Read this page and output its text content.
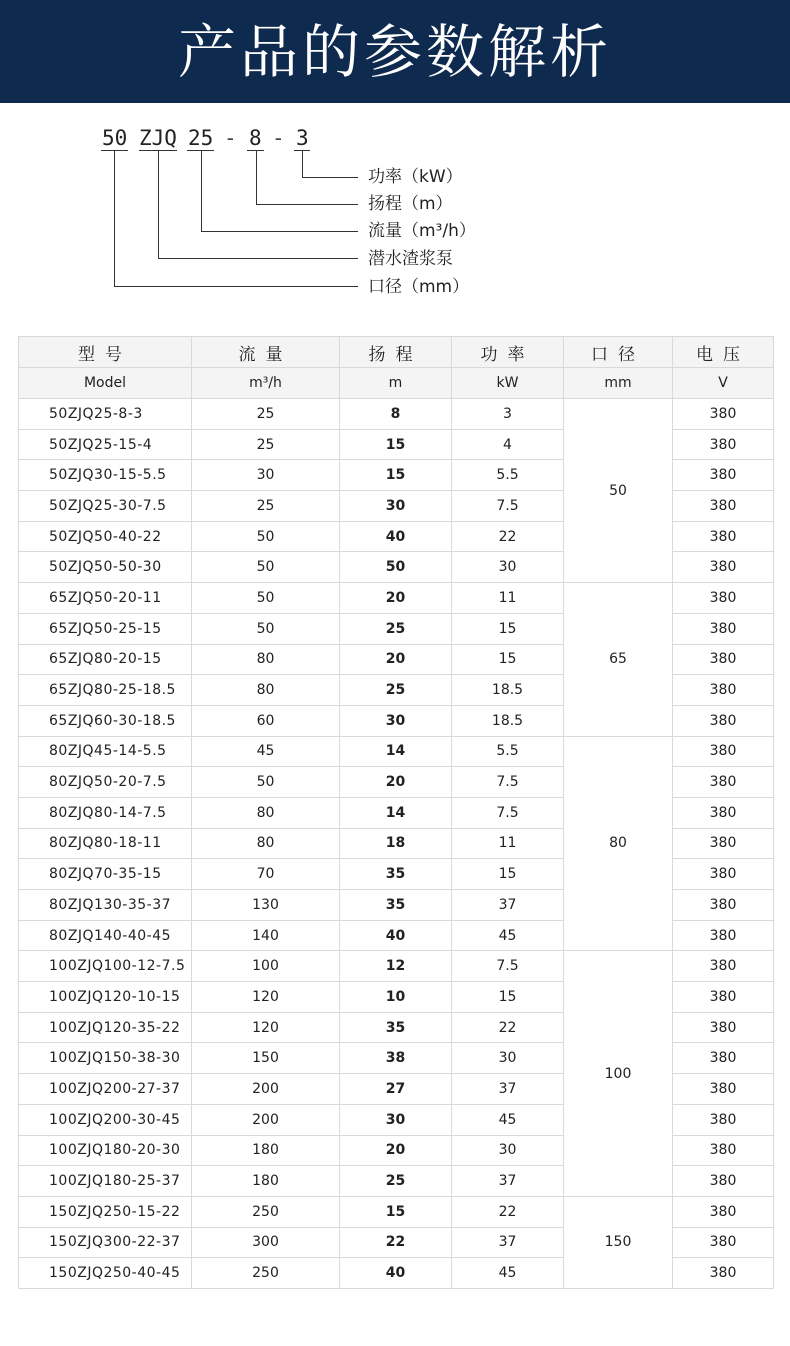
产品的参数解析
50 ZJQ 25 - 8 - 3
功率（kW）
扬程（m）
流量（m³/h）
潜水渣浆泵
口径（mm）
型号	流量	扬程	功率	口径	电压
Model	m³/h	m	kW	mm	V
50ZJQ25-8-3	25	8	3	50	380
50ZJQ25-15-4	25	15	4		380
50ZJQ30-15-5.5	30	15	5.5		380
50ZJQ25-30-7.5	25	30	7.5		380
50ZJQ50-40-22	50	40	22		380
50ZJQ50-50-30	50	50	30		380
65ZJQ50-20-11	50	20	11	65	380
65ZJQ50-25-15	50	25	15		380
65ZJQ80-20-15	80	20	15		380
65ZJQ80-25-18.5	80	25	18.5		380
65ZJQ60-30-18.5	60	30	18.5		380
80ZJQ45-14-5.5	45	14	5.5	80	380
80ZJQ50-20-7.5	50	20	7.5		380
80ZJQ80-14-7.5	80	14	7.5		380
80ZJQ80-18-11	80	18	11		380
80ZJQ70-35-15	70	35	15		380
80ZJQ130-35-37	130	35	37		380
80ZJQ140-40-45	140	40	45		380
100ZJQ100-12-7.5	100	12	7.5	100	380
100ZJQ120-10-15	120	10	15		380
100ZJQ120-35-22	120	35	22		380
100ZJQ150-38-30	150	38	30		380
100ZJQ200-27-37	200	27	37		380
100ZJQ200-30-45	200	30	45		380
100ZJQ180-20-30	180	20	30		380
100ZJQ180-25-37	180	25	37		380
150ZJQ250-15-22	250	15	22	150	380
150ZJQ300-22-37	300	22	37		380
150ZJQ250-40-45	250	40	45		380
